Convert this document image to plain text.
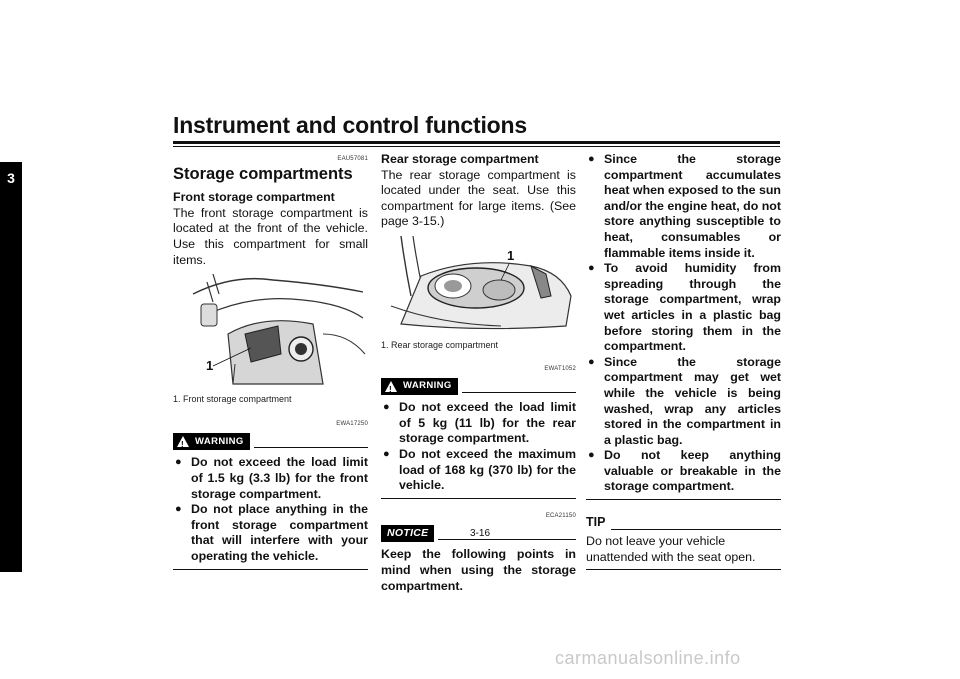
Instrument and control functions
3
EAU57081
Storage compartments
Front storage compartment
The front storage compartment is located at the front of the vehicle. Use this compartment for small items.
1
1. Front storage compartment
EWA17250
! WARNING
● Do not exceed the load limit of 1.5 kg (3.3 lb) for the front storage compartment.
● Do not place anything in the front storage compartment that will interfere with your operating the vehicle.
Rear storage compartment
The rear storage compartment is located under the seat. Use this compartment for large items. (See page 3-15.)
1
1. Rear storage compartment
EWAT1052
! WARNING
● Do not exceed the load limit of 5 kg (11 lb) for the rear storage compartment.
● Do not exceed the maximum load of 168 kg (370 lb) for the vehicle.
ECA21150
NOTICE
Keep the following points in mind when using the storage compartment.
● Since the storage compartment accumulates heat when exposed to the sun and/or the engine heat, do not store anything susceptible to heat, consumables or flammable items inside it.
● To avoid humidity from spreading through the storage compartment, wrap wet articles in a plastic bag before storing them in the compartment.
● Since the storage compartment may get wet while the vehicle is being washed, wrap any articles stored in the compartment in a plastic bag.
● Do not keep anything valuable or breakable in the storage compartment.
TIP
Do not leave your vehicle unattended with the seat open.
3-16
carmanualsonline.info
